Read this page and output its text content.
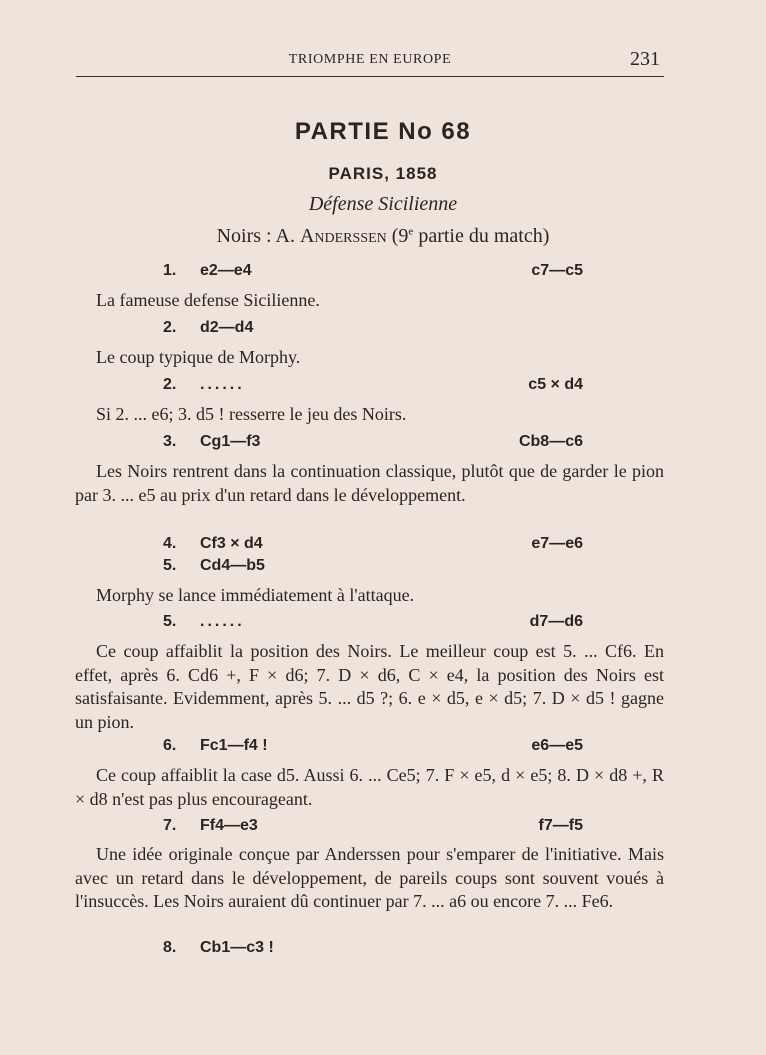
TRIOMPHE EN EUROPE	231
PARTIE No 68
PARIS, 1858
Défense Sicilienne
Noirs : A. Anderssen (9e partie du match)
1. e2—e4	c7—c5
La fameuse defense Sicilienne.
2. d2—d4
Le coup typique de Morphy.
2. ......	c5 × d4
Si 2. ... e6; 3. d5 ! resserre le jeu des Noirs.
3. Cg1—f3	Cb8—c6
Les Noirs rentrent dans la continuation classique, plutôt que de garder le pion par 3. ... e5 au prix d'un retard dans le développement.
4. Cf3 × d4	e7—e6
5. Cd4—b5
Morphy se lance immédiatement à l'attaque.
5. ......	d7—d6
Ce coup affaiblit la position des Noirs. Le meilleur coup est 5. ... Cf6. En effet, après 6. Cd6 +, F × d6; 7. D × d6, C × e4, la position des Noirs est satisfaisante. Evidemment, après 5. ... d5 ?; 6. e × d5, e × d5; 7. D × d5 ! gagne un pion.
6. Fc1—f4 !	e6—e5
Ce coup affaiblit la case d5. Aussi 6. ... Ce5; 7. F × e5, d × e5; 8. D × d8 +, R × d8 n'est pas plus encourageant.
7. Ff4—e3	f7—f5
Une idée originale conçue par Anderssen pour s'emparer de l'initiative. Mais avec un retard dans le développement, de pareils coups sont souvent voués à l'insuccès. Les Noirs auraient dû continuer par 7. ... a6 ou encore 7. ... Fe6.
8. Cb1—c3 !
